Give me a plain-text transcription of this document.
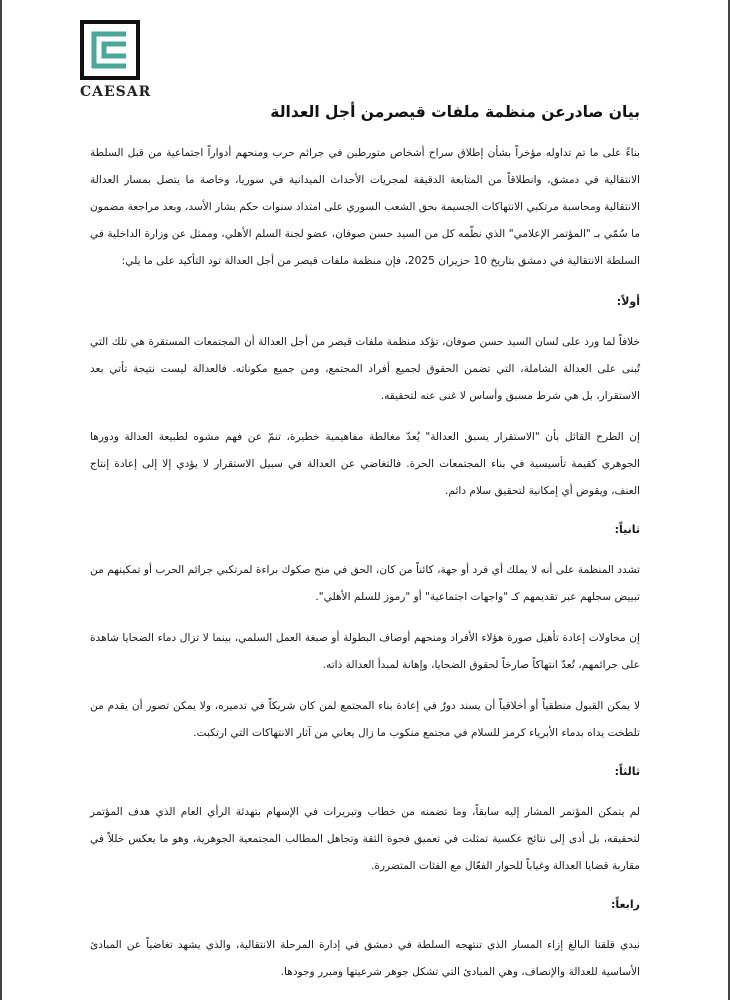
CAESAR
بيان صادرعن منظمة ملفات قيصرمن أجل العدالة

بناءً على ما تم تداوله مؤخراً بشأن إطلاق سراح أشخاص متورطين في جرائم حرب ومنحهم أدواراً اجتماعية من قبل السلطة الانتقالية في دمشق، وانطلاقاً من المتابعة الدقيقة لمجريات الأحداث الميدانية في سوريا، وخاصة ما يتصل بمسار العدالة الانتقالية ومحاسبة مرتكبي الانتهاكات الجسيمة بحق الشعب السوري على امتداد سنوات حكم بشار الأسد، وبعد مراجعة مضمون ما سُمّي بـ "المؤتمر الإعلامي" الذي نظّمه كل من السيد حسن صوفان، عضو لجنة السلم الأهلي، وممثل عن وزارة الداخلية في السلطة الانتقالية في دمشق بتاريخ 10 حزيران 2025، فإن منظمة ملفات قيصر من أجل العدالة تود التأكيد على ما يلي:

أولاً:

خلافاً لما ورد على لسان السيد حسن صوفان، تؤكد منظمة ملفات قيصر من أجل العدالة أن المجتمعات المستقرة هي تلك التي تُبنى على العدالة الشاملة، التي تضمن الحقوق لجميع أفراد المجتمع، ومن جميع مكوناته. فالعدالة ليست نتيجة تأتي بعد الاستقرار، بل هي شرط مسبق وأساس لا غنى عنه لتحقيقه.

إن الطرح القائل بأن "الاستقرار يسبق العدالة" يُعدّ مغالطة مفاهيمية خطيرة، تنمّ عن فهم مشوه لطبيعة العدالة ودورها الجوهري كقيمة تأسيسية في بناء المجتمعات الحرة. فالتغاضي عن العدالة في سبيل الاستقرار لا يؤدي إلا إلى إعادة إنتاج العنف، ويقوض أي إمكانية لتحقيق سلام دائم.

ثانياً:

تشدد المنظمة على أنه لا يملك أي فرد أو جهة، كائناً من كان، الحق في منح صكوك براءة لمرتكبي جرائم الحرب أو تمكينهم من تبييض سجلهم عبر تقديمهم كـ "واجهات اجتماعية" أو "رموز للسلم الأهلي".

إن محاولات إعادة تأهيل صورة هؤلاء الأفراد ومنحهم أوصاف البطولة أو صبغة العمل السلمي، بينما لا تزال دماء الضحايا شاهدة على جرائمهم، تُعدّ انتهاكاً صارخاً لحقوق الضحايا، وإهانة لمبدأ العدالة ذاته.

لا يمكن القبول منطقياً أو أخلاقياً أن يسند دورٌ في إعادة بناء المجتمع لمن كان شريكاً في تدميره، ولا يمكن تصور أن يقدم من تلطخت يداه بدماء الأبرياء كرمز للسلام في مجتمع منكوب ما زال يعاني من آثار الانتهاكات التي ارتكبت.

ثالثاً:

لم يتمكن المؤتمر المشار إليه سابقاً، وما تضمنه من خطاب وتبريرات في الإسهام بتهدئة الرأي العام الذي هدف المؤتمر لتحقيقه، بل أدى إلى نتائج عكسية تمثلت في تعميق فجوة الثقة وتجاهل المطالب المجتمعية الجوهرية، وهو ما يعكس خللاً في مقاربة قضايا العدالة وغياباً للحوار الفعّال مع الفئات المتضررة.

رابعاً:

نبدي قلقنا البالغ إزاء المسار الذي تنتهجه السلطة في دمشق في إدارة المرحلة الانتقالية، والذي يشهد تغاضياً عن المبادئ الأساسية للعدالة والإنصاف، وهي المبادئ التي تشكل جوهر شرعيتها ومبرر وجودها.
